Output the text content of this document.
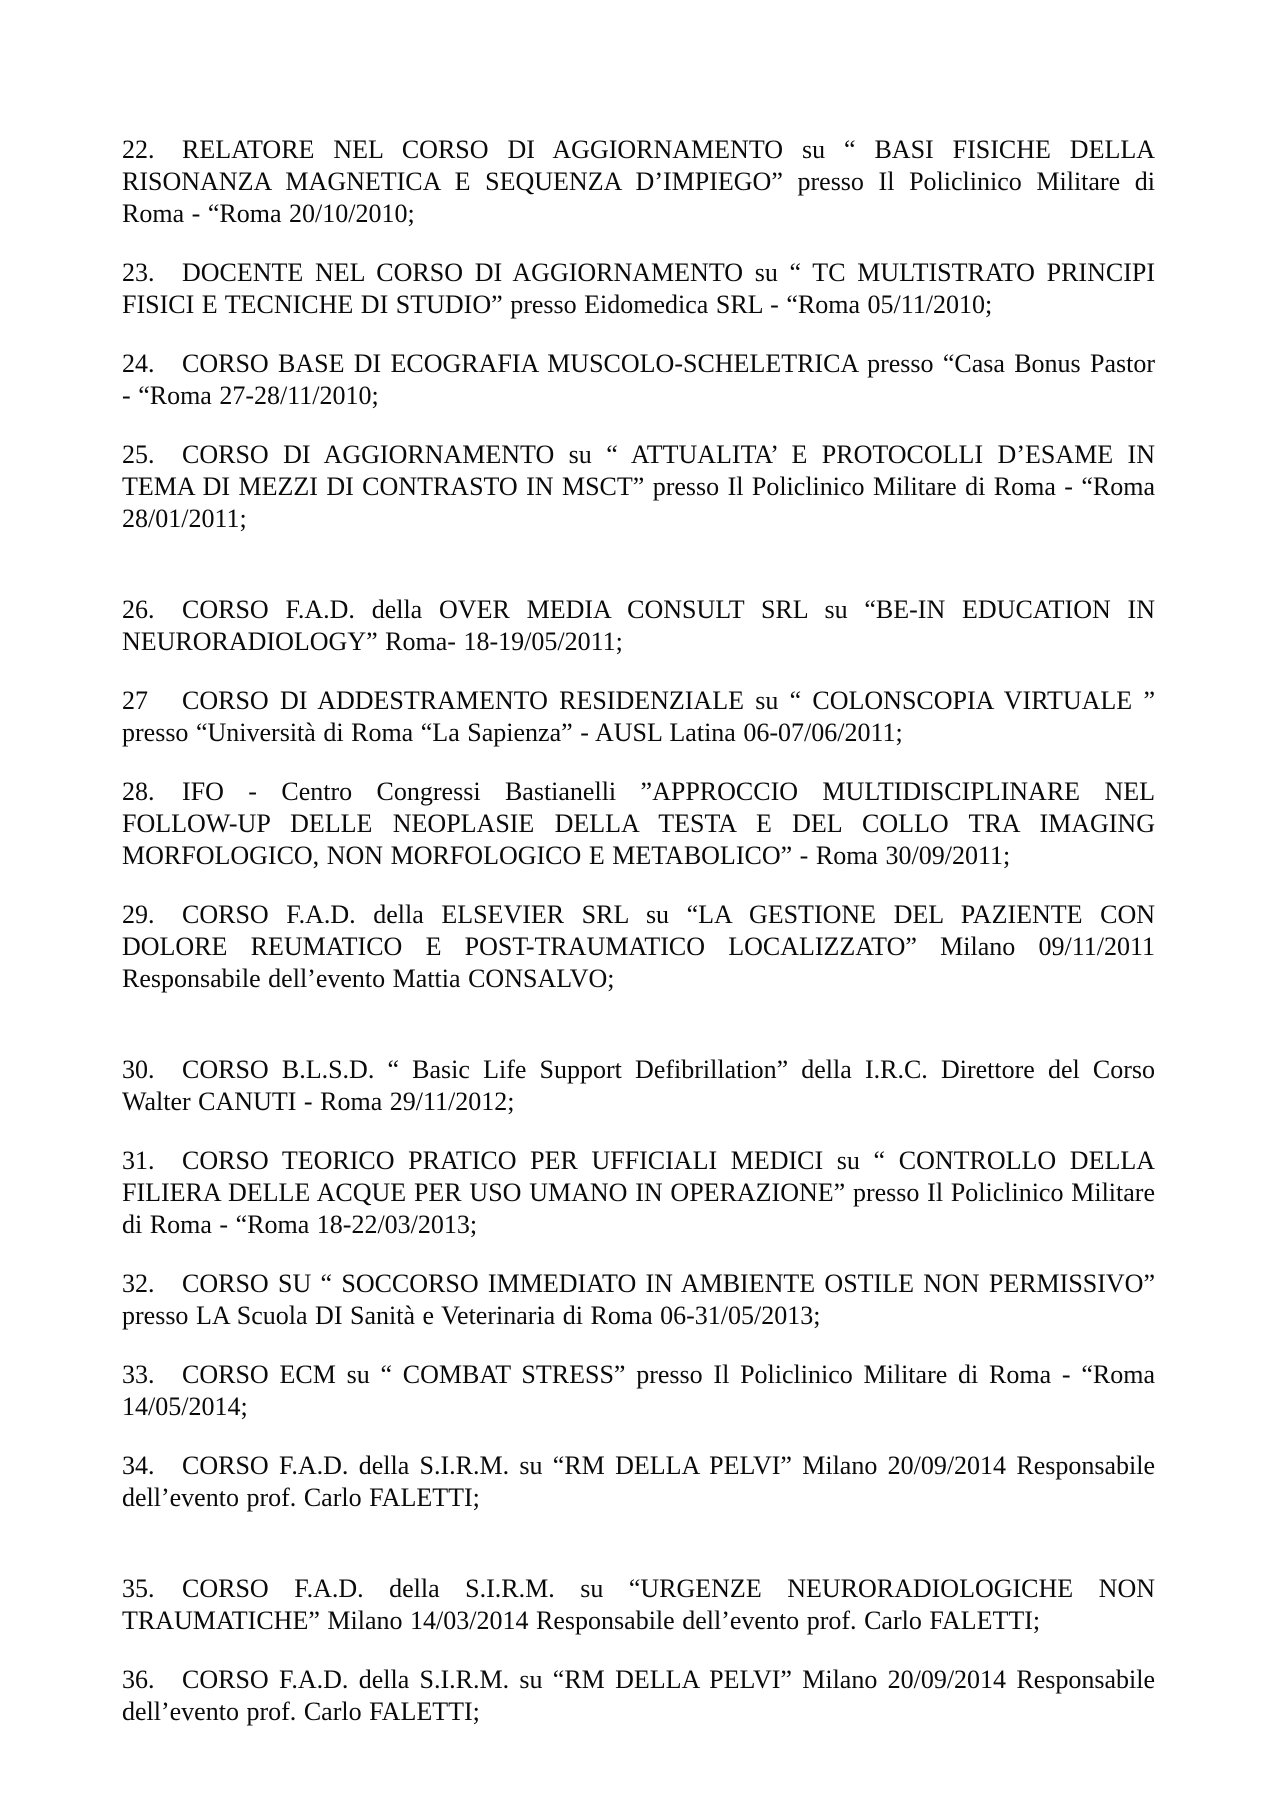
22. RELATORE NEL CORSO DI AGGIORNAMENTO su “ BASI FISICHE DELLA RISONANZA MAGNETICA E SEQUENZA D’IMPIEGO” presso Il Policlinico Militare di Roma - “Roma 20/10/2010;

23. DOCENTE NEL CORSO DI AGGIORNAMENTO su “ TC MULTISTRATO PRINCIPI FISICI E TECNICHE DI STUDIO” presso Eidomedica SRL - “Roma 05/11/2010;

24. CORSO BASE DI ECOGRAFIA MUSCOLO-SCHELETRICA presso “Casa Bonus Pastor - “Roma 27-28/11/2010;

25. CORSO DI AGGIORNAMENTO su “ ATTUALITA’ E PROTOCOLLI D’ESAME IN TEMA DI MEZZI DI CONTRASTO IN MSCT” presso Il Policlinico Militare di Roma - “Roma 28/01/2011;

26. CORSO F.A.D. della OVER MEDIA CONSULT SRL su “BE-IN EDUCATION IN NEURORADIOLOGY” Roma- 18-19/05/2011;

27 CORSO DI ADDESTRAMENTO RESIDENZIALE su “ COLONSCOPIA VIRTUALE ” presso “Università di Roma “La Sapienza” - AUSL Latina 06-07/06/2011;

28. IFO - Centro Congressi Bastianelli ”APPROCCIO MULTIDISCIPLINARE NEL FOLLOW-UP DELLE NEOPLASIE DELLA TESTA E DEL COLLO TRA IMAGING MORFOLOGICO, NON MORFOLOGICO E METABOLICO” - Roma 30/09/2011;

29. CORSO F.A.D. della ELSEVIER SRL su “LA GESTIONE DEL PAZIENTE CON DOLORE REUMATICO E POST-TRAUMATICO LOCALIZZATO” Milano 09/11/2011 Responsabile dell’evento Mattia CONSALVO;

30. CORSO B.L.S.D. “ Basic Life Support Defibrillation” della I.R.C. Direttore del Corso Walter CANUTI - Roma 29/11/2012;

31. CORSO TEORICO PRATICO PER UFFICIALI MEDICI su “ CONTROLLO DELLA FILIERA DELLE ACQUE PER USO UMANO IN OPERAZIONE” presso Il Policlinico Militare di Roma - “Roma 18-22/03/2013;

32. CORSO SU “ SOCCORSO IMMEDIATO IN AMBIENTE OSTILE NON PERMISSIVO” presso LA Scuola DI Sanità e Veterinaria di Roma 06-31/05/2013;

33. CORSO ECM su “ COMBAT STRESS” presso Il Policlinico Militare di Roma - “Roma 14/05/2014;

34. CORSO F.A.D. della S.I.R.M. su “RM DELLA PELVI” Milano 20/09/2014 Responsabile dell’evento prof. Carlo FALETTI;

35. CORSO F.A.D. della S.I.R.M. su “URGENZE NEURORADIOLOGICHE NON TRAUMATICHE” Milano 14/03/2014 Responsabile dell’evento prof. Carlo FALETTI;

36. CORSO F.A.D. della S.I.R.M. su “RM DELLA PELVI” Milano 20/09/2014 Responsabile dell’evento prof. Carlo FALETTI;
